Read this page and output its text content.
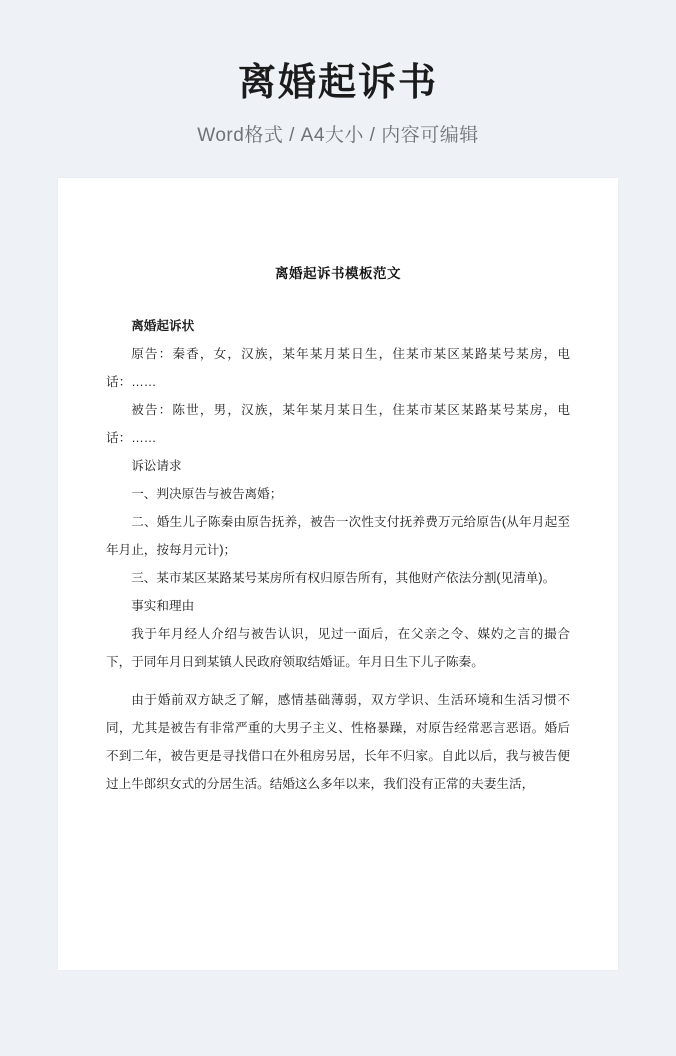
离婚起诉书
Word格式 / A4大小 / 内容可编辑
离婚起诉书模板范文

离婚起诉状

原告：秦香，女，汉族，某年某月某日生，住某市某区某路某号某房，电话：……

被告：陈世，男，汉族，某年某月某日生，住某市某区某路某号某房，电话：……

诉讼请求

一、判决原告与被告离婚；

二、婚生儿子陈秦由原告抚养，被告一次性支付抚养费万元给原告(从年月起至年月止，按每月元计)；

三、某市某区某路某号某房所有权归原告所有，其他财产依法分割(见清单)。

事实和理由

我于年月经人介绍与被告认识，见过一面后，在父亲之令、媒妁之言的撮合下，于同年月日到某镇人民政府领取结婚证。年月日生下儿子陈秦。

由于婚前双方缺乏了解，感情基础薄弱，双方学识、生活环境和生活习惯不同，尤其是被告有非常严重的大男子主义、性格暴躁，对原告经常恶言恶语。婚后不到二年，被告更是寻找借口在外租房另居，长年不归家。自此以后，我与被告便过上牛郎织女式的分居生活。结婚这么多年以来，我们没有正常的夫妻生活，
